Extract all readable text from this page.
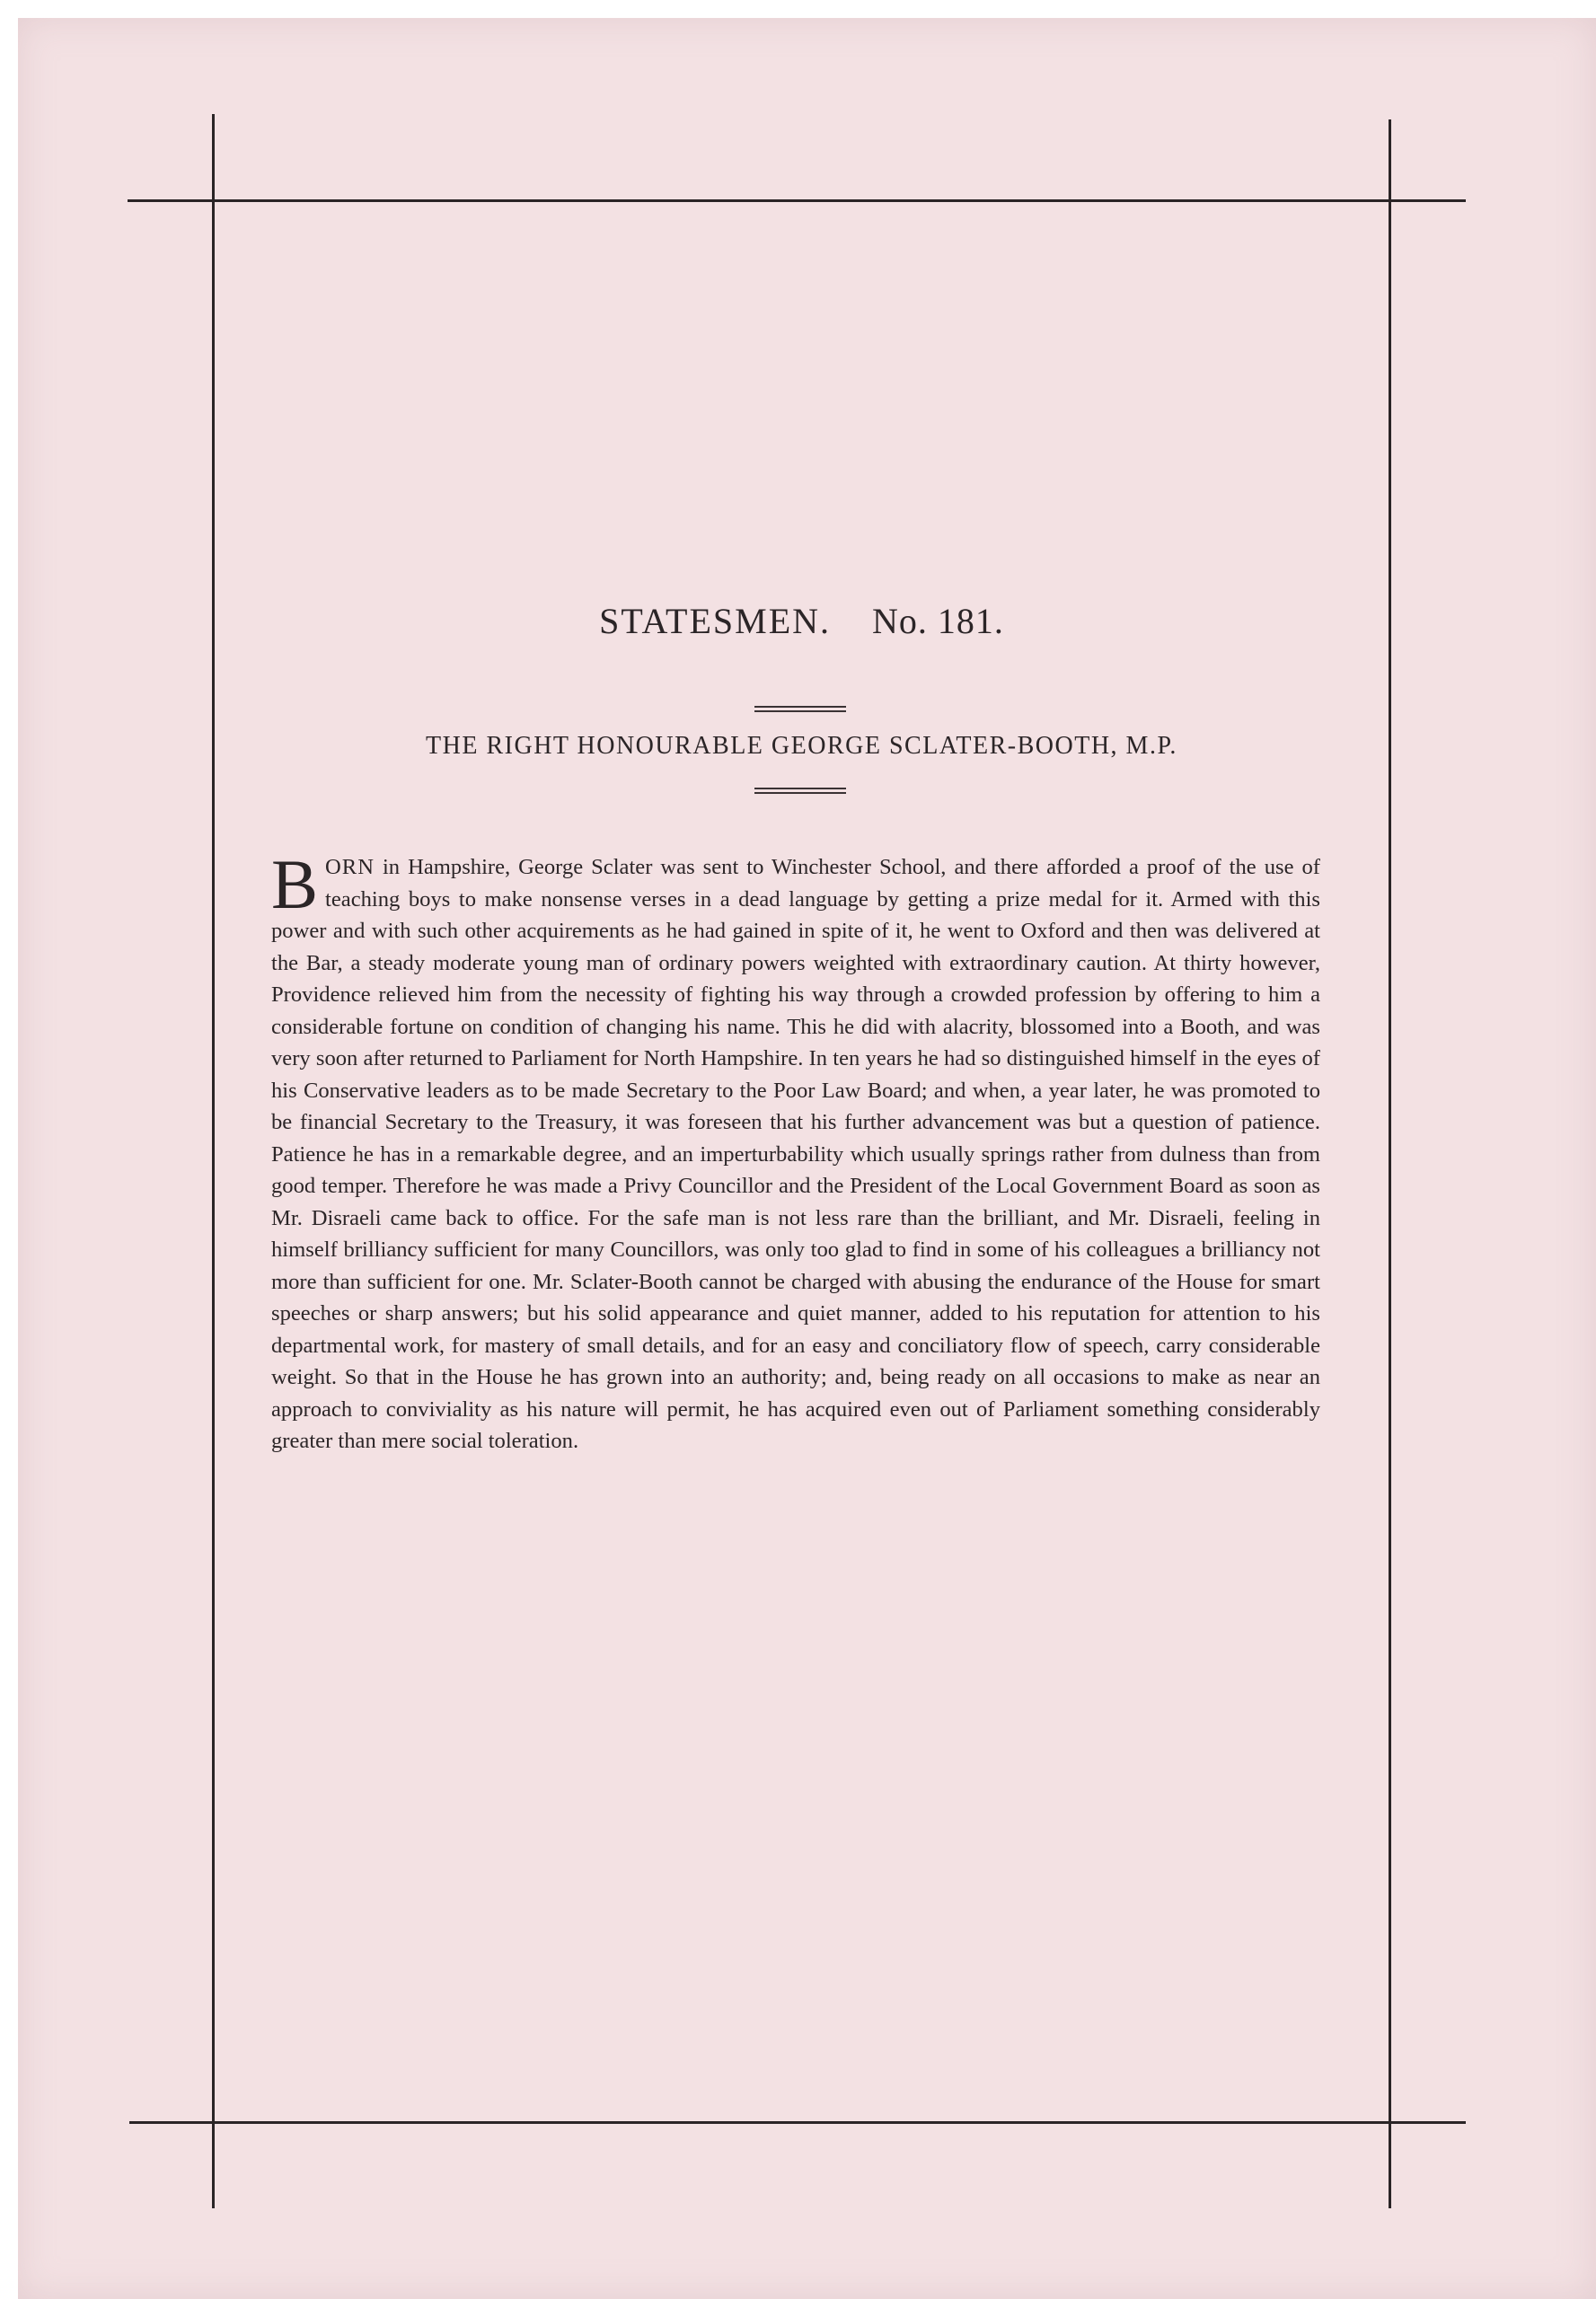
STATESMEN. No. 181.
THE RIGHT HONOURABLE GEORGE SCLATER-BOOTH, M.P.

BORN in Hampshire, George Sclater was sent to Winchester School, and there afforded a proof of the use of teaching boys to make nonsense verses in a dead language by getting a prize medal for it. Armed with this power and with such other acquirements as he had gained in spite of it, he went to Oxford and then was delivered at the Bar, a steady moderate young man of ordinary powers weighted with extraordinary caution. At thirty however, Providence relieved him from the necessity of fighting his way through a crowded profession by offering to him a considerable fortune on condition of changing his name. This he did with alacrity, blossomed into a Booth, and was very soon after returned to Parliament for North Hampshire. In ten years he had so distinguished himself in the eyes of his Conservative leaders as to be made Secretary to the Poor Law Board; and when, a year later, he was promoted to be financial Secretary to the Treasury, it was foreseen that his further advancement was but a question of patience. Patience he has in a remarkable degree, and an imperturbability which usually springs rather from dulness than from good temper. Therefore he was made a Privy Councillor and the President of the Local Government Board as soon as Mr. Disraeli came back to office. For the safe man is not less rare than the brilliant, and Mr. Disraeli, feeling in himself brilliancy sufficient for many Councillors, was only too glad to find in some of his colleagues a brilliancy not more than sufficient for one. Mr. Sclater-Booth cannot be charged with abusing the endurance of the House for smart speeches or sharp answers; but his solid appearance and quiet manner, added to his reputation for attention to his departmental work, for mastery of small details, and for an easy and conciliatory flow of speech, carry considerable weight. So that in the House he has grown into an authority; and, being ready on all occasions to make as near an approach to conviviality as his nature will permit, he has acquired even out of Parliament something considerably greater than mere social toleration.
